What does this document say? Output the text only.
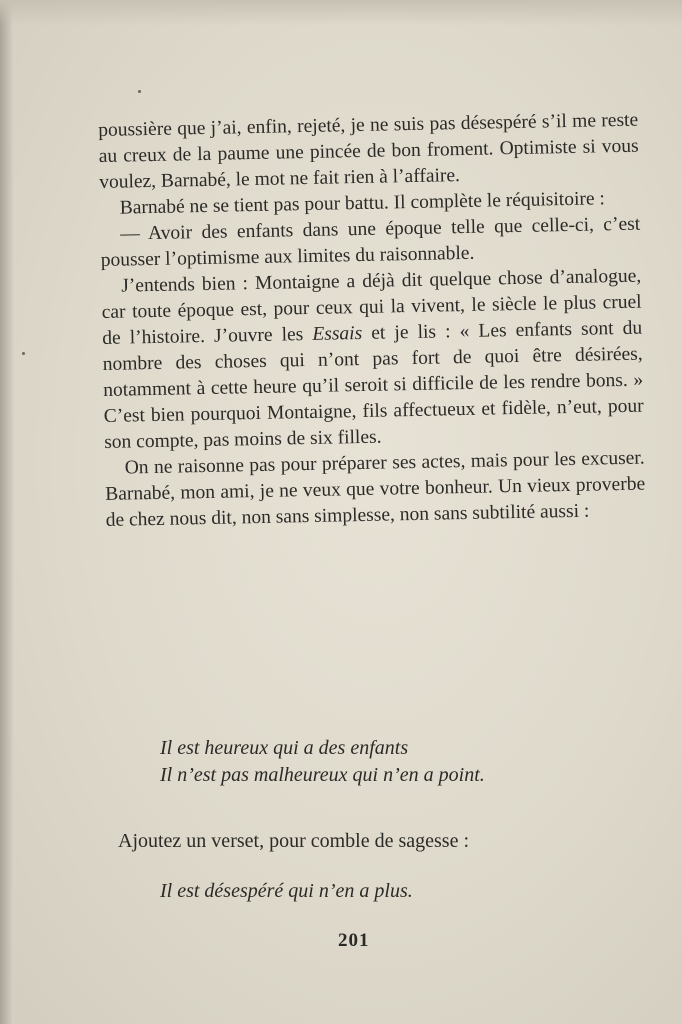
poussière que j’ai, enfin, rejeté, je ne suis pas désespéré s’il me reste au creux de la paume une pincée de bon froment. Optimiste si vous voulez, Barnabé, le mot ne fait rien à l’affaire.

Barnabé ne se tient pas pour battu. Il complète le réquisitoire :

— Avoir des enfants dans une époque telle que celle-ci, c’est pousser l’optimisme aux limites du raisonnable.

J’entends bien : Montaigne a déjà dit quelque chose d’analogue, car toute époque est, pour ceux qui la vivent, le siècle le plus cruel de l’histoire. J’ouvre les Essais et je lis : « Les enfants sont du nombre des choses qui n’ont pas fort de quoi être désirées, notamment à cette heure qu’il seroit si difficile de les rendre bons. » C’est bien pourquoi Montaigne, fils affectueux et fidèle, n’eut, pour son compte, pas moins de six filles.

On ne raisonne pas pour préparer ses actes, mais pour les excuser. Barnabé, mon ami, je ne veux que votre bonheur. Un vieux proverbe de chez nous dit, non sans simplesse, non sans subtilité aussi :

Il est heureux qui a des enfants
Il n’est pas malheureux qui n’en a point.
Ajoutez un verset, pour comble de sagesse :
Il est désespéré qui n’en a plus.
201
